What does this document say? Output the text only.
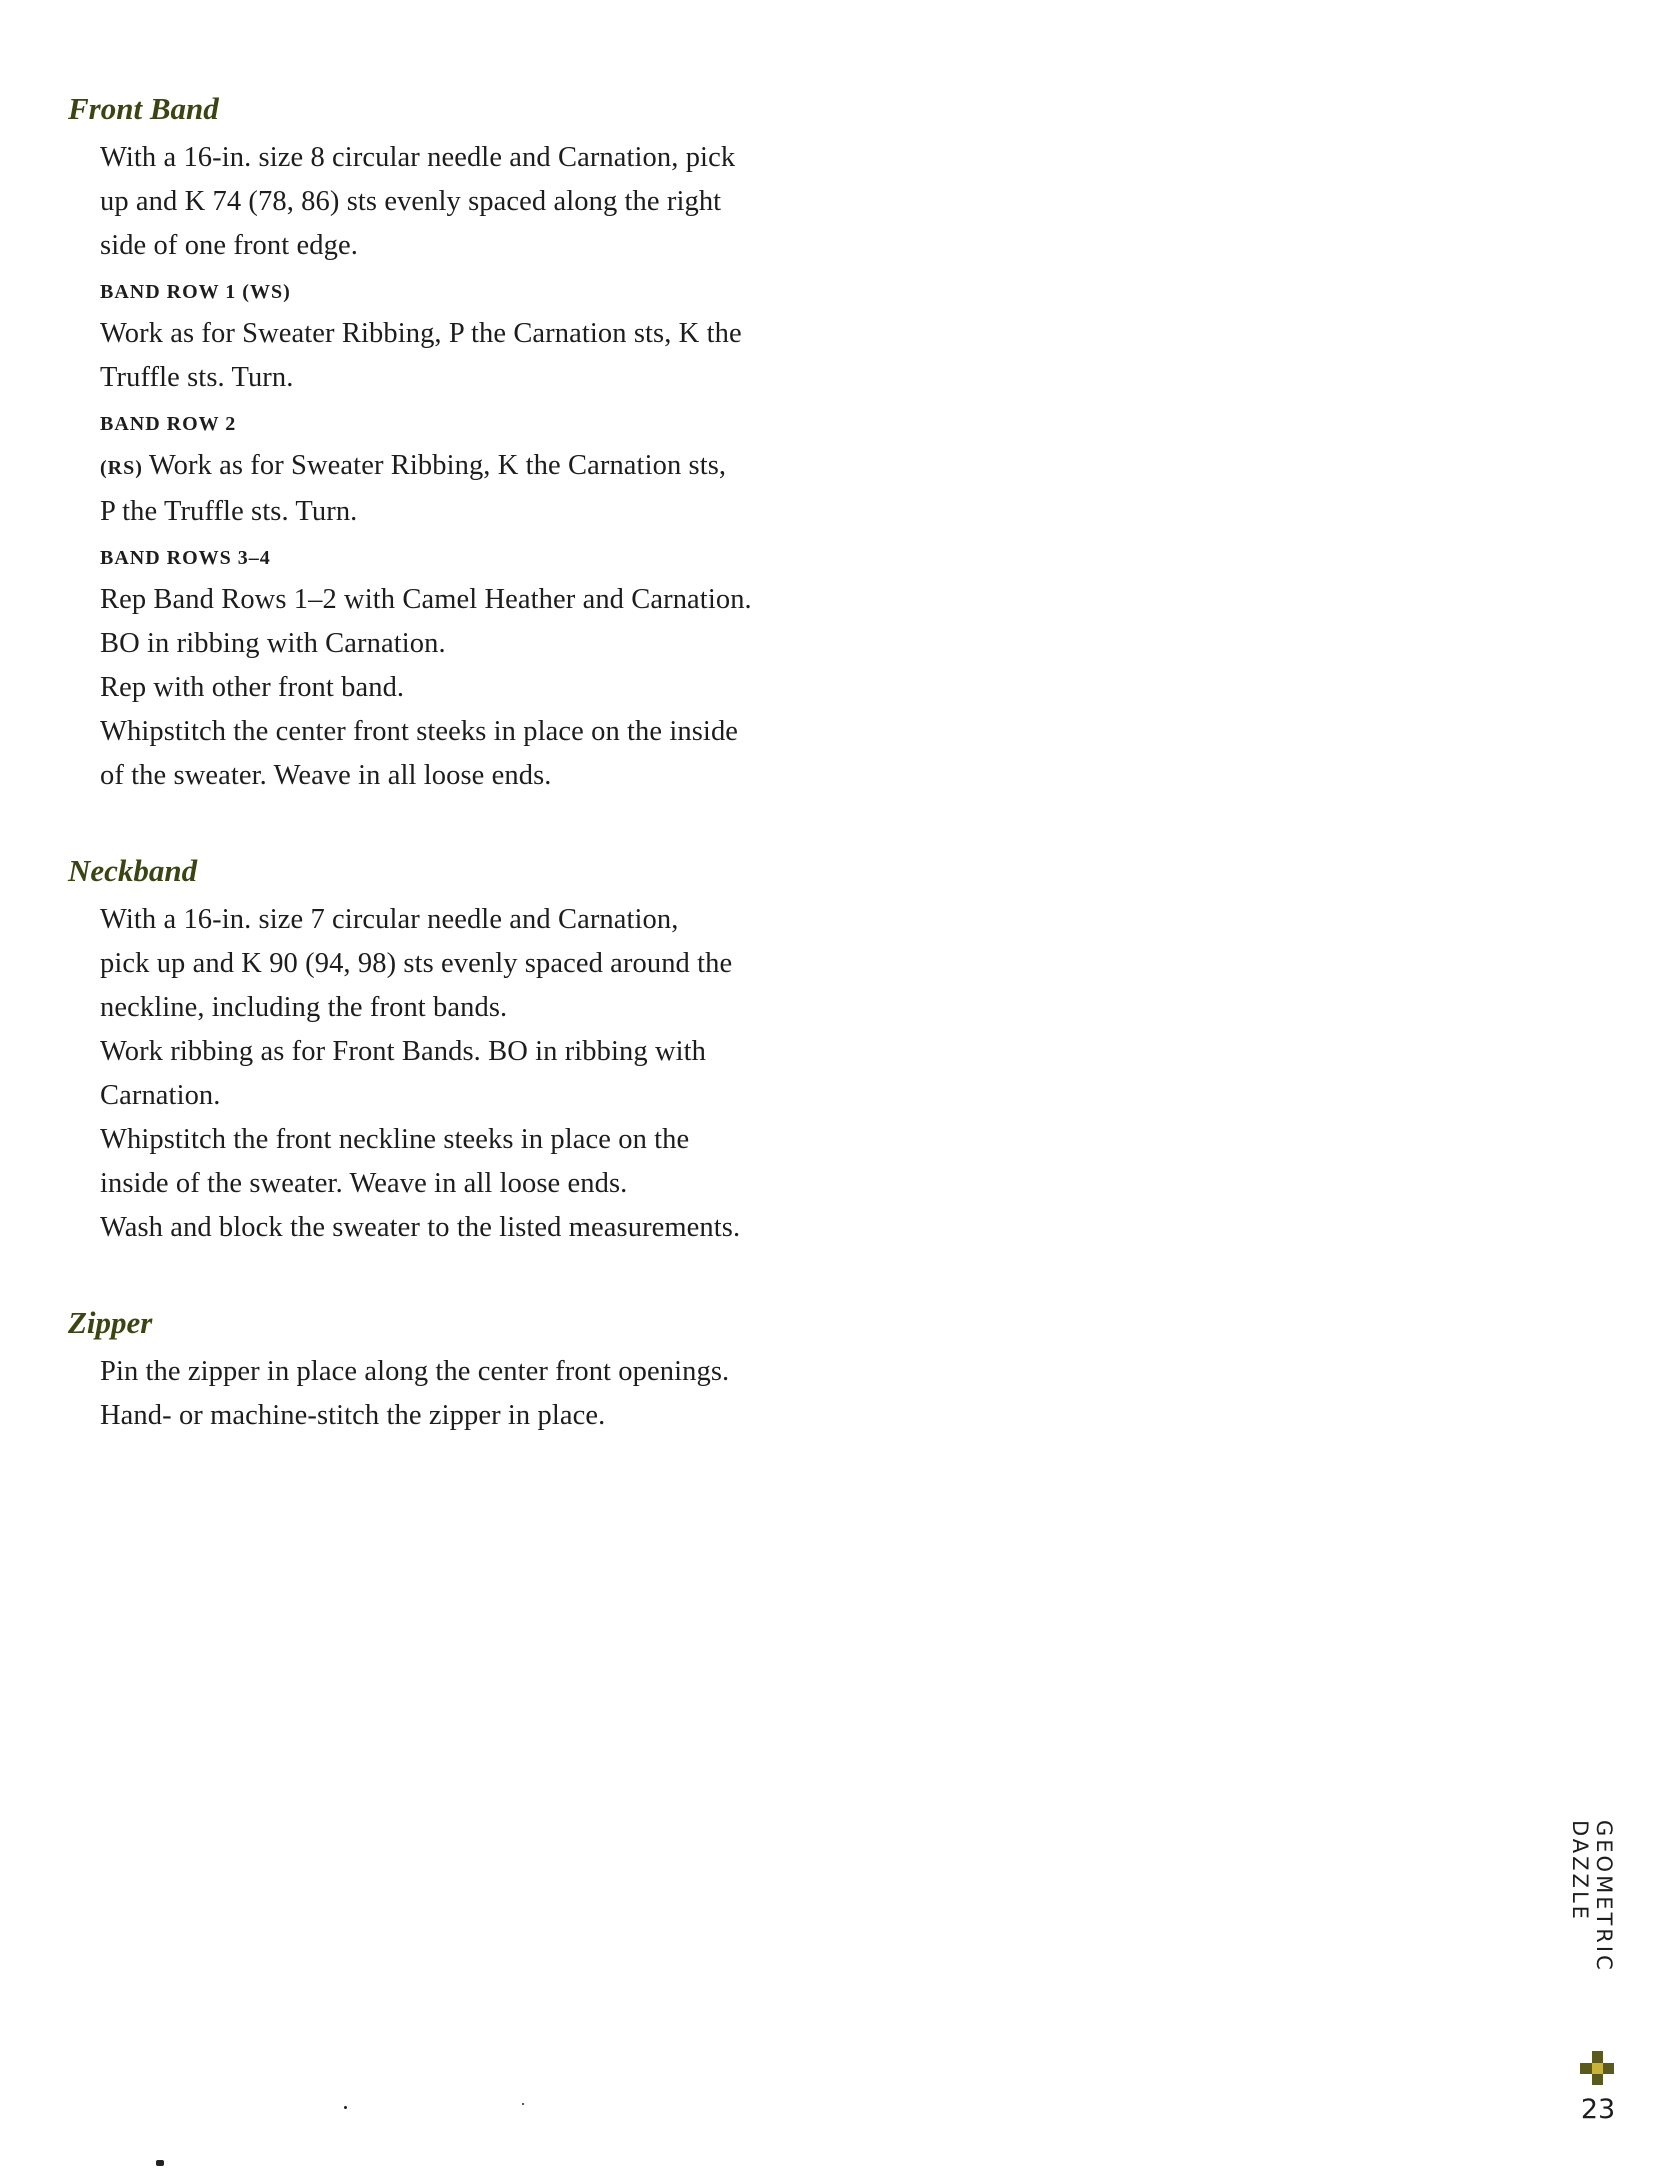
Front Band

With a 16-in. size 8 circular needle and Carnation, pick

up and K 74 (78, 86) sts evenly spaced along the right

side of one front edge.

BAND ROW 1 (WS)

Work as for Sweater Ribbing, P the Carnation sts, K the

Truffle sts. Turn.

BAND ROW 2

(RS) Work as for Sweater Ribbing, K the Carnation sts,

P the Truffle sts. Turn.

BAND ROWS 3–4

Rep Band Rows 1–2 with Camel Heather and Carnation.

BO in ribbing with Carnation.

Rep with other front band.

Whipstitch the center front steeks in place on the inside

of the sweater. Weave in all loose ends.

Neckband

With a 16-in. size 7 circular needle and Carnation,

pick up and K 90 (94, 98) sts evenly spaced around the

neckline, including the front bands.

Work ribbing as for Front Bands. BO in ribbing with

Carnation.

Whipstitch the front neckline steeks in place on the

inside of the sweater. Weave in all loose ends.

Wash and block the sweater to the listed measurements.

Zipper

Pin the zipper in place along the center front openings.

Hand- or machine-stitch the zipper in place.

GEOMETRIC DAZZLE
23
